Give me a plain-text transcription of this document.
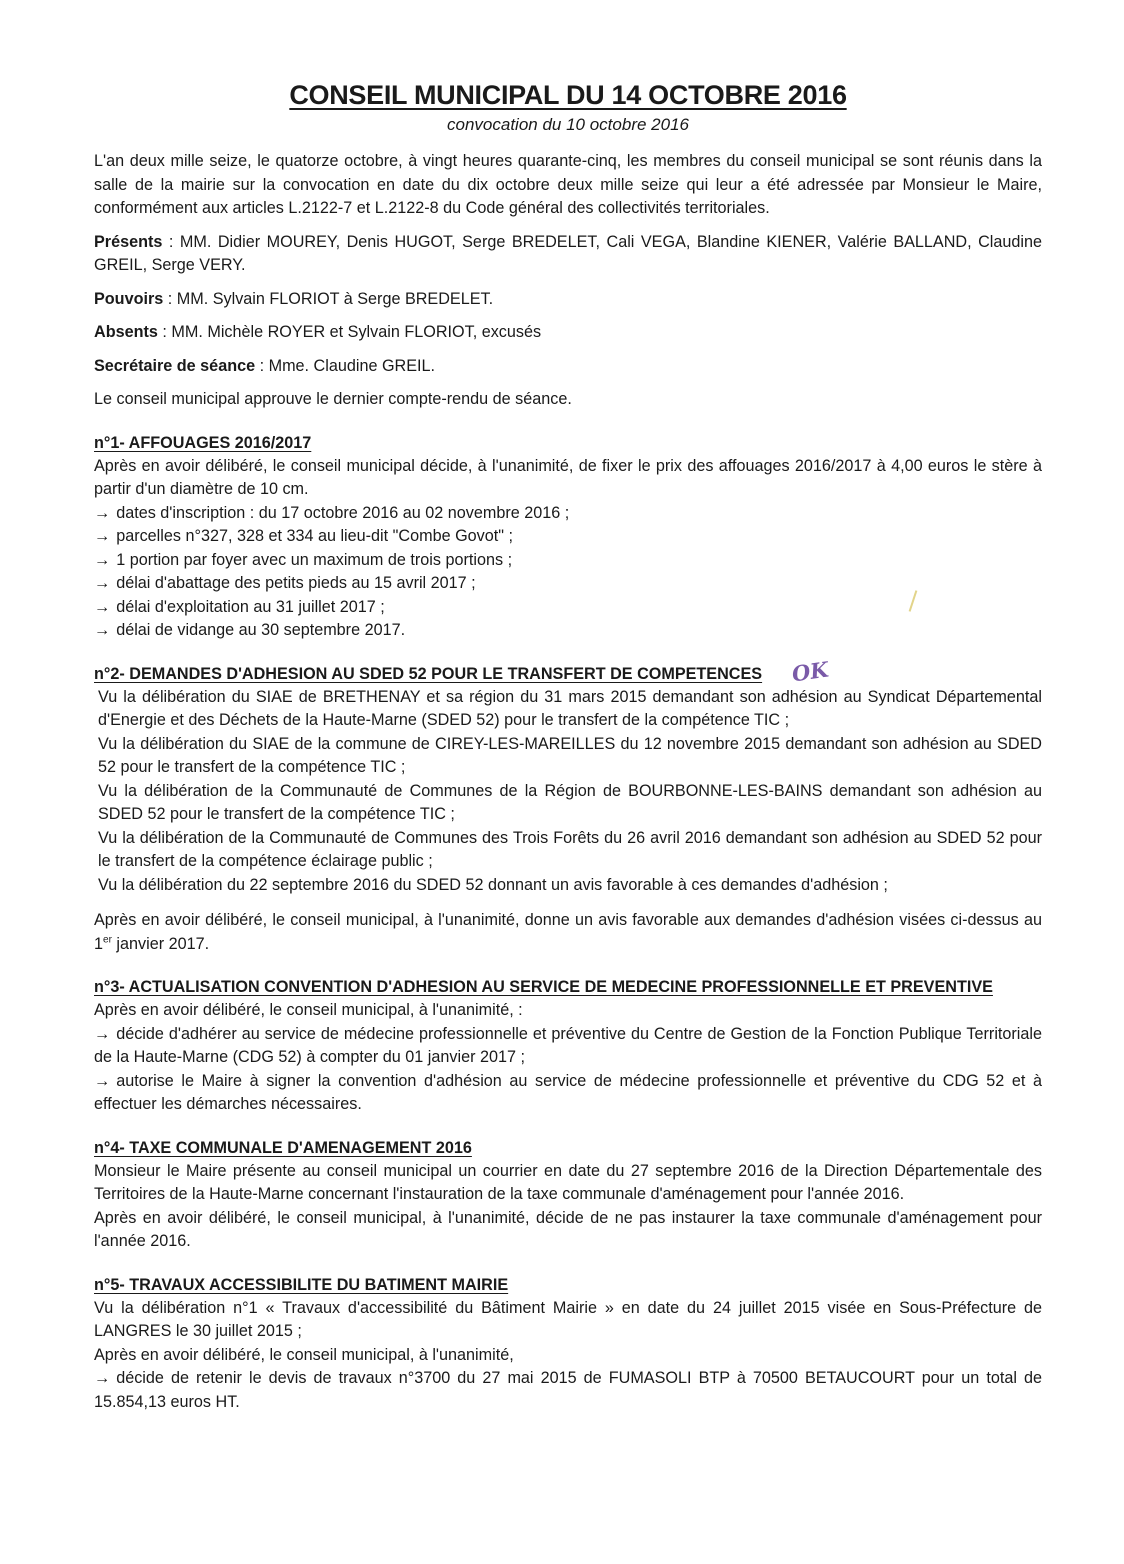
CONSEIL MUNICIPAL DU 14 OCTOBRE 2016
convocation du 10 octobre 2016

L'an deux mille seize, le quatorze octobre, à vingt heures quarante-cinq, les membres du conseil municipal se sont réunis dans la salle de la mairie sur la convocation en date du dix octobre deux mille seize qui leur a été adressée par Monsieur le Maire, conformément aux articles L.2122-7 et L.2122-8 du Code général des collectivités territoriales.

Présents : MM. Didier MOUREY, Denis HUGOT, Serge BREDELET, Cali VEGA, Blandine KIENER, Valérie BALLAND, Claudine GREIL, Serge VERY.

Pouvoirs : MM. Sylvain FLORIOT à Serge BREDELET.

Absents : MM. Michèle ROYER et Sylvain FLORIOT, excusés

Secrétaire de séance : Mme. Claudine GREIL.

Le conseil municipal approuve le dernier compte-rendu de séance.

n°1- AFFOUAGES 2016/2017

Après en avoir délibéré, le conseil municipal décide, à l'unanimité, de fixer le prix des affouages 2016/2017 à 4,00 euros le stère à partir d'un diamètre de 10 cm.

→ dates d'inscription : du 17 octobre 2016 au 02 novembre 2016 ;

→ parcelles n°327, 328 et 334 au lieu-dit "Combe Govot" ;

→ 1 portion par foyer avec un maximum de trois portions ;

→ délai d'abattage des petits pieds au 15 avril 2017 ;

→ délai d'exploitation au 31 juillet 2017 ;

→ délai de vidange au 30 septembre 2017.

n°2- DEMANDES D'ADHESION AU SDED 52 POUR LE TRANSFERT DE COMPETENCES OK

Vu la délibération du SIAE de BRETHENAY et sa région du 31 mars 2015 demandant son adhésion au Syndicat Départemental d'Energie et des Déchets de la Haute-Marne (SDED 52) pour le transfert de la compétence TIC ;

Vu la délibération du SIAE de la commune de CIREY-LES-MAREILLES du 12 novembre 2015 demandant son adhésion au SDED 52 pour le transfert de la compétence TIC ;

Vu la délibération de la Communauté de Communes de la Région de BOURBONNE-LES-BAINS demandant son adhésion au SDED 52 pour le transfert de la compétence TIC ;

Vu la délibération de la Communauté de Communes des Trois Forêts du 26 avril 2016 demandant son adhésion au SDED 52 pour le transfert de la compétence éclairage public ;

Vu la délibération du 22 septembre 2016 du SDED 52 donnant un avis favorable à ces demandes d'adhésion ;

Après en avoir délibéré, le conseil municipal, à l'unanimité, donne un avis favorable aux demandes d'adhésion visées ci-dessus au 1er janvier 2017.

n°3- ACTUALISATION CONVENTION D'ADHESION AU SERVICE DE MEDECINE PROFESSIONNELLE ET PREVENTIVE

Après en avoir délibéré, le conseil municipal, à l'unanimité, :

→ décide d'adhérer au service de médecine professionnelle et préventive du Centre de Gestion de la Fonction Publique Territoriale de la Haute-Marne (CDG 52) à compter du 01 janvier 2017 ;

→ autorise le Maire à signer la convention d'adhésion au service de médecine professionnelle et préventive du CDG 52 et à effectuer les démarches nécessaires.

n°4- TAXE COMMUNALE D'AMENAGEMENT 2016

Monsieur le Maire présente au conseil municipal un courrier en date du 27 septembre 2016 de la Direction Départementale des Territoires de la Haute-Marne concernant l'instauration de la taxe communale d'aménagement pour l'année 2016.

Après en avoir délibéré, le conseil municipal, à l'unanimité, décide de ne pas instaurer la taxe communale d'aménagement pour l'année 2016.

n°5- TRAVAUX ACCESSIBILITE DU BATIMENT MAIRIE

Vu la délibération n°1 « Travaux d'accessibilité du Bâtiment Mairie » en date du 24 juillet 2015 visée en Sous-Préfecture de LANGRES le 30 juillet 2015 ;

Après en avoir délibéré, le conseil municipal, à l'unanimité,

→ décide de retenir le devis de travaux n°3700 du 27 mai 2015 de FUMASOLI BTP à 70500 BETAUCOURT pour un total de 15.854,13 euros HT.
